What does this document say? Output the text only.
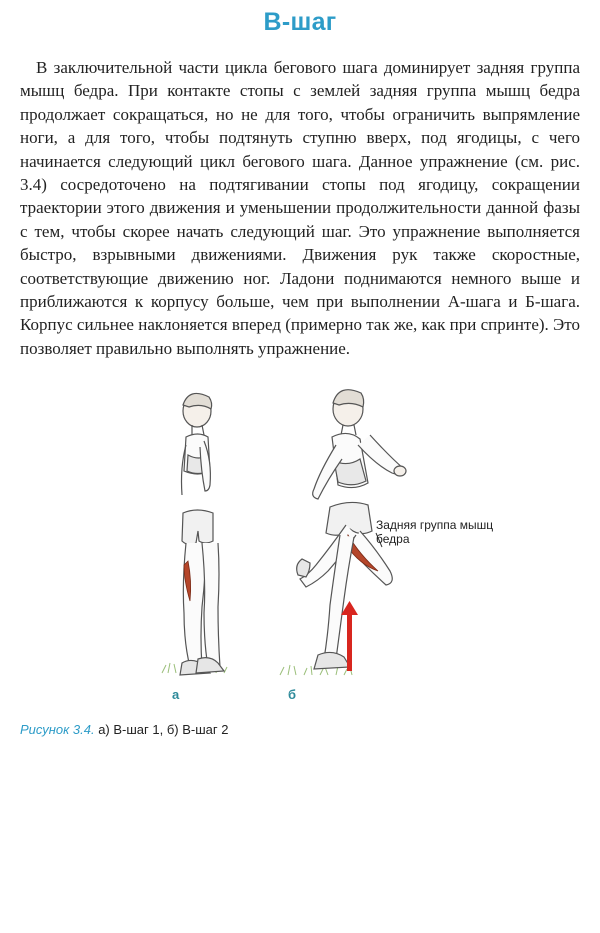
В-шаг

В заключительной части цикла бегового шага доминирует задняя группа мышц бедра. При контакте стопы с землей задняя группа мышц бедра продолжает сокращаться, но не для того, чтобы ограничить выпрямление ноги, а для того, чтобы подтянуть ступню вверх, под ягодицы, с чего начинается следующий цикл бегового шага. Данное упражнение (см. рис. 3.4) сосредоточено на подтягивании стопы под ягодицу, сокращении траектории этого движения и уменьшении продолжительности данной фазы с тем, чтобы скорее начать следующий шаг. Это упражнение выполняется быстро, взрывными движениями. Движения рук также скоростные, соответствующие движению ног. Ладони поднимаются немного выше и приближаются к корпусу больше, чем при выполнении А-шага и Б-шага. Корпус сильнее наклоняется вперед (примерно так же, как при спринте). Это позволяет правильно выполнять упражнение.

Задняя группа мышц
бедра
а	б
Рисунок 3.4. а) В-шаг 1, б) В-шаг 2
